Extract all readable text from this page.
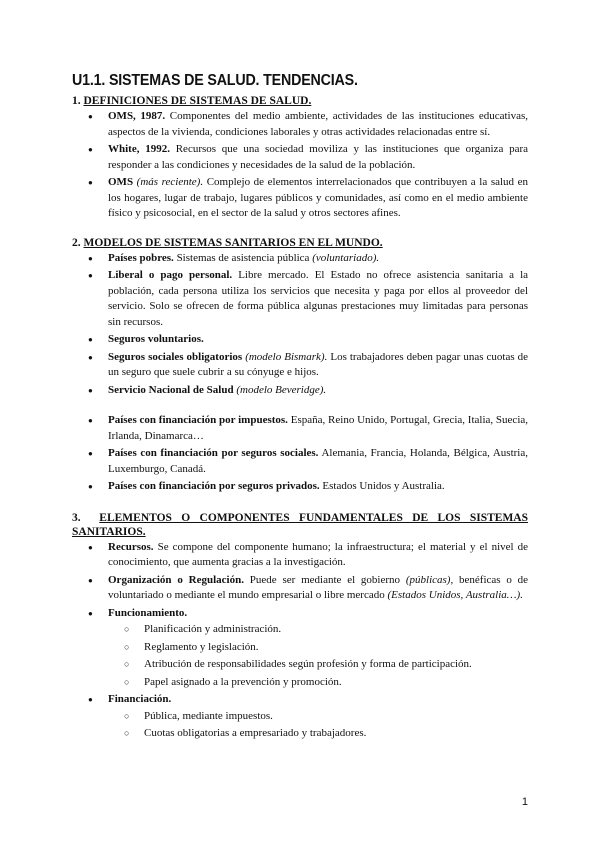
U1.1. SISTEMAS DE SALUD. TENDENCIAS.

1. DEFINICIONES DE SISTEMAS DE SALUD.

● OMS, 1987. Componentes del medio ambiente, actividades de las instituciones educativas, aspectos de la vivienda, condiciones laborales y otras actividades relacionadas entre sí.
● White, 1992. Recursos que una sociedad moviliza y las instituciones que organiza para responder a las condiciones y necesidades de la salud de la población.
● OMS (más reciente). Complejo de elementos interrelacionados que contribuyen a la salud en los hogares, lugar de trabajo, lugares públicos y comunidades, así como en el medio ambiente físico y psicosocial, en el sector de la salud y otros sectores afines.

2. MODELOS DE SISTEMAS SANITARIOS EN EL MUNDO.

● Países pobres. Sistemas de asistencia pública (voluntariado).
● Liberal o pago personal. Libre mercado. El Estado no ofrece asistencia sanitaria a la población, cada persona utiliza los servicios que necesita y paga por ellos al proveedor del servicio. Solo se ofrecen de forma pública algunas prestaciones muy limitadas para personas sin recursos.
● Seguros voluntarios.
● Seguros sociales obligatorios (modelo Bismark). Los trabajadores deben pagar unas cuotas de un seguro que suele cubrir a su cónyuge e hijos.
● Servicio Nacional de Salud (modelo Beveridge).
● Países con financiación por impuestos. España, Reino Unido, Portugal, Grecia, Italia, Suecia, Irlanda, Dinamarca…
● Países con financiación por seguros sociales. Alemania, Francia, Holanda, Bélgica, Austria, Luxemburgo, Canadá.
● Países con financiación por seguros privados. Estados Unidos y Australia.

3. ELEMENTOS O COMPONENTES FUNDAMENTALES DE LOS SISTEMAS SANITARIOS.

● Recursos. Se compone del componente humano; la infraestructura; el material y el nivel de conocimiento, que aumenta gracias a la investigación.
● Organización o Regulación. Puede ser mediante el gobierno (públicas), benéficas o de voluntariado o mediante el mundo empresarial o libre mercado (Estados Unidos, Australia…).
● Funcionamiento.
○ Planificación y administración.
○ Reglamento y legislación.
○ Atribución de responsabilidades según profesión y forma de participación.
○ Papel asignado a la prevención y promoción.
● Financiación.
○ Pública, mediante impuestos.
○ Cuotas obligatorias a empresariado y trabajadores.
1
